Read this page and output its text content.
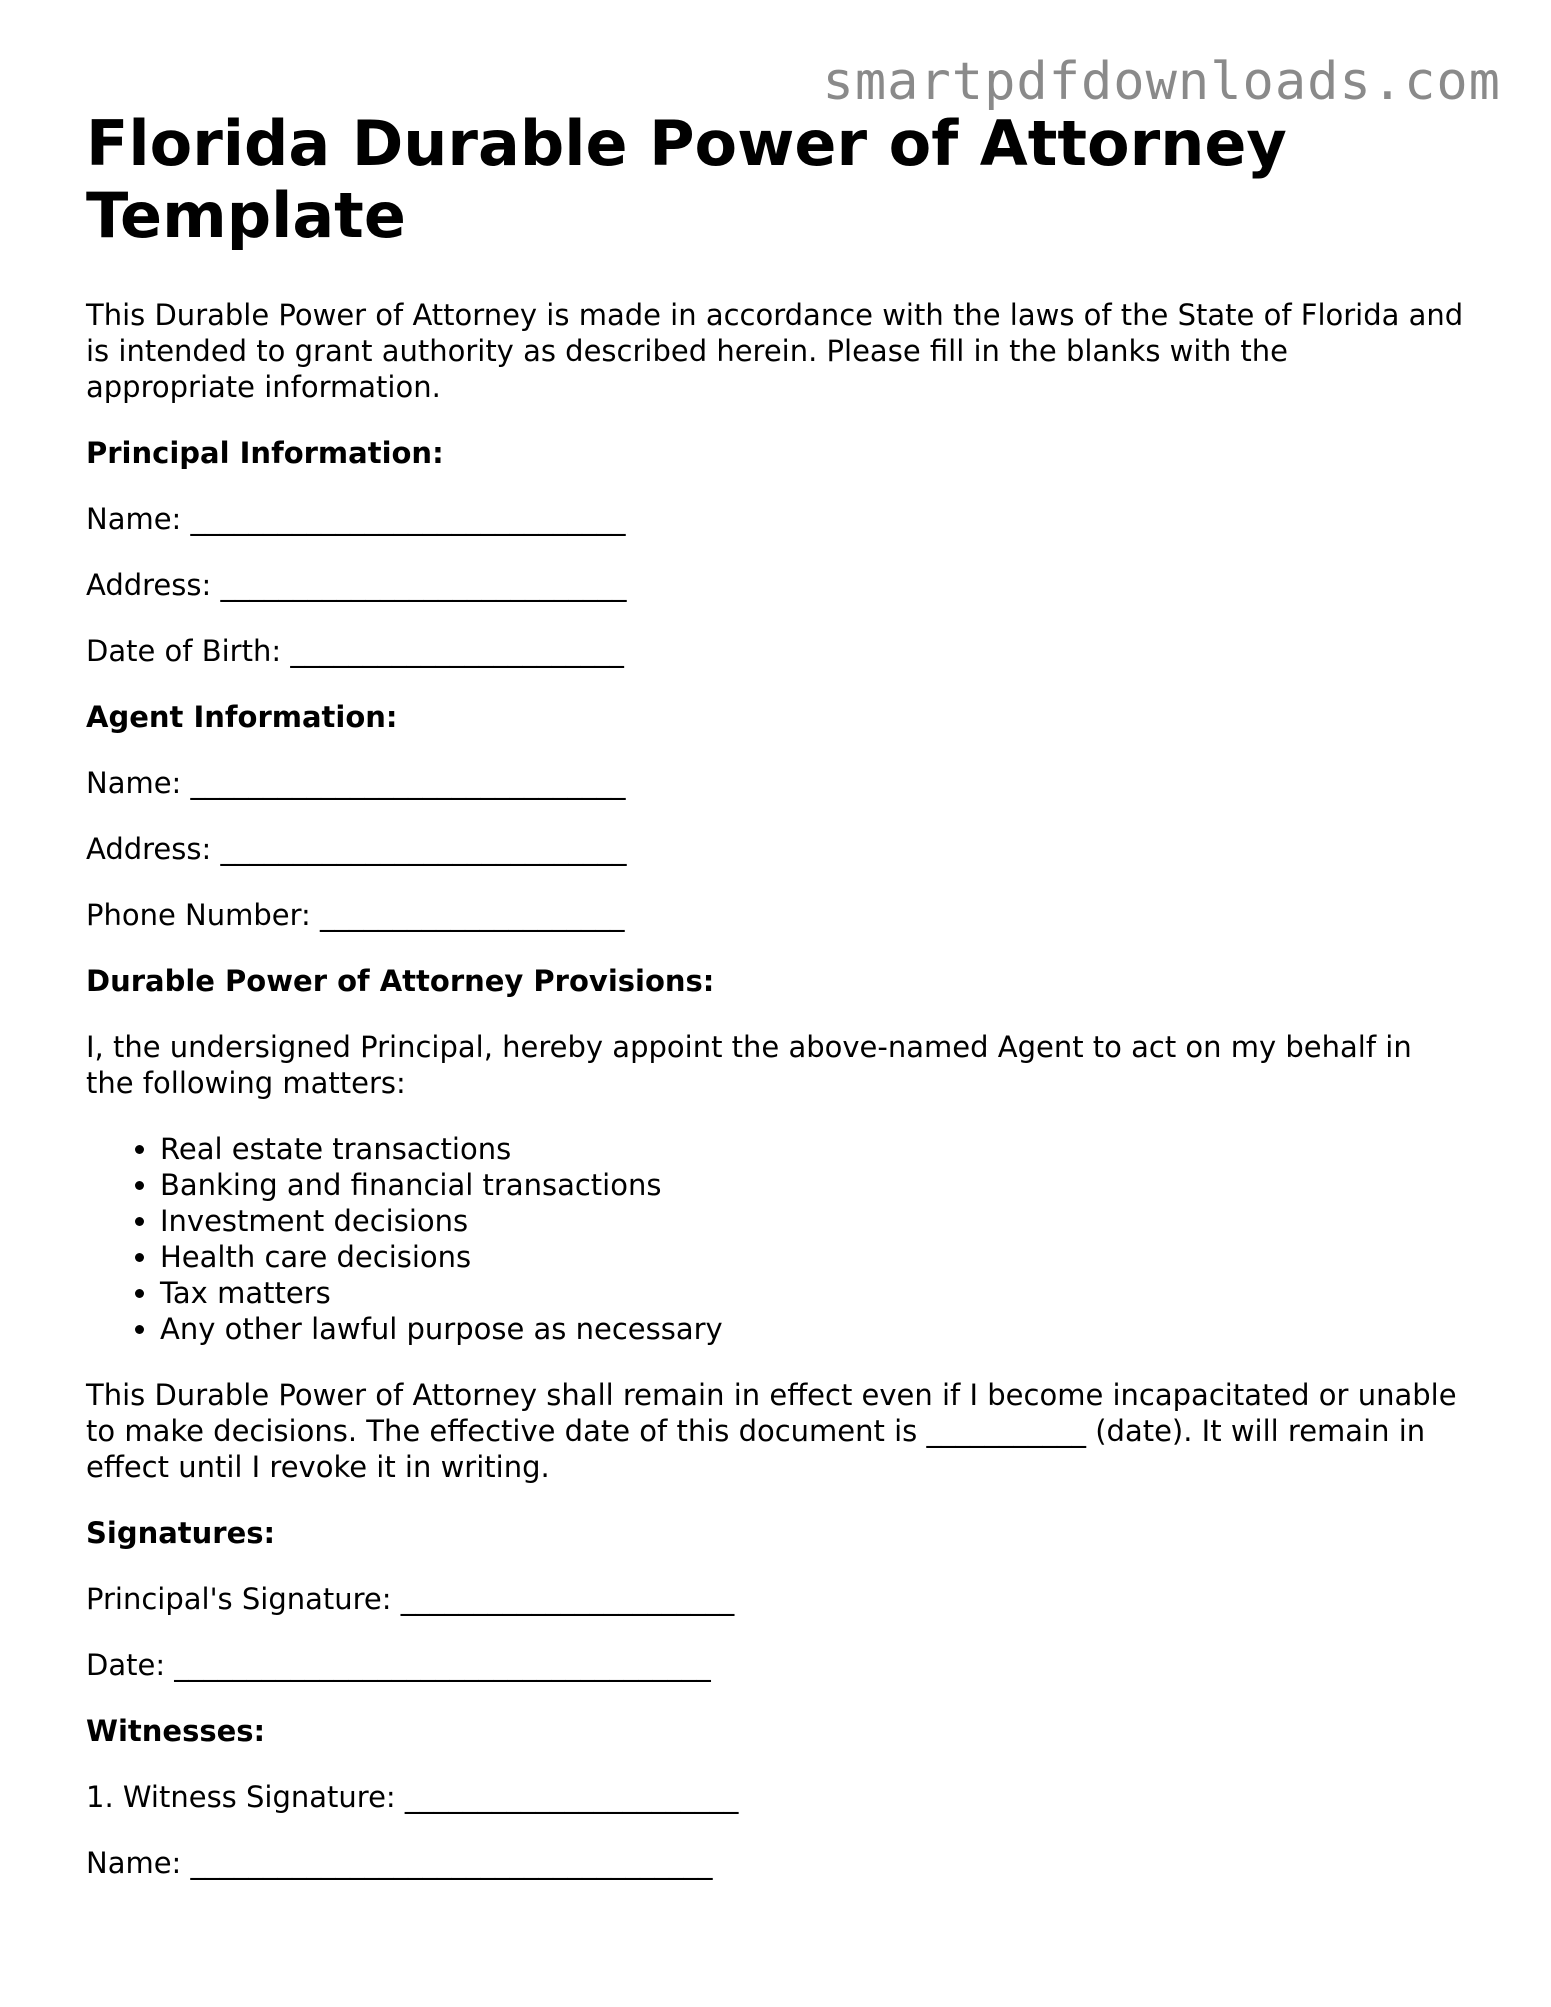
smartpdfdownloads.com
Florida Durable Power of Attorney Template

This Durable Power of Attorney is made in accordance with the laws of the State of Florida and is intended to grant authority as described herein. Please fill in the blanks with the appropriate information.

Principal Information:
Name: ______________________________
Address: ____________________________
Date of Birth: _______________________
Agent Information:
Name: ______________________________
Address: ____________________________
Phone Number: _____________________
Durable Power of Attorney Provisions:

I, the undersigned Principal, hereby appoint the above-named Agent to act on my behalf in the following matters:

• Real estate transactions
• Banking and financial transactions
• Investment decisions
• Health care decisions
• Tax matters
• Any other lawful purpose as necessary

This Durable Power of Attorney shall remain in effect even if I become incapacitated or unable to make decisions. The effective date of this document is ___________ (date). It will remain in effect until I revoke it in writing.

Signatures:
Principal's Signature: _______________________
Date: _____________________________________
Witnesses:
1. Witness Signature: _______________________
Name: ____________________________________
